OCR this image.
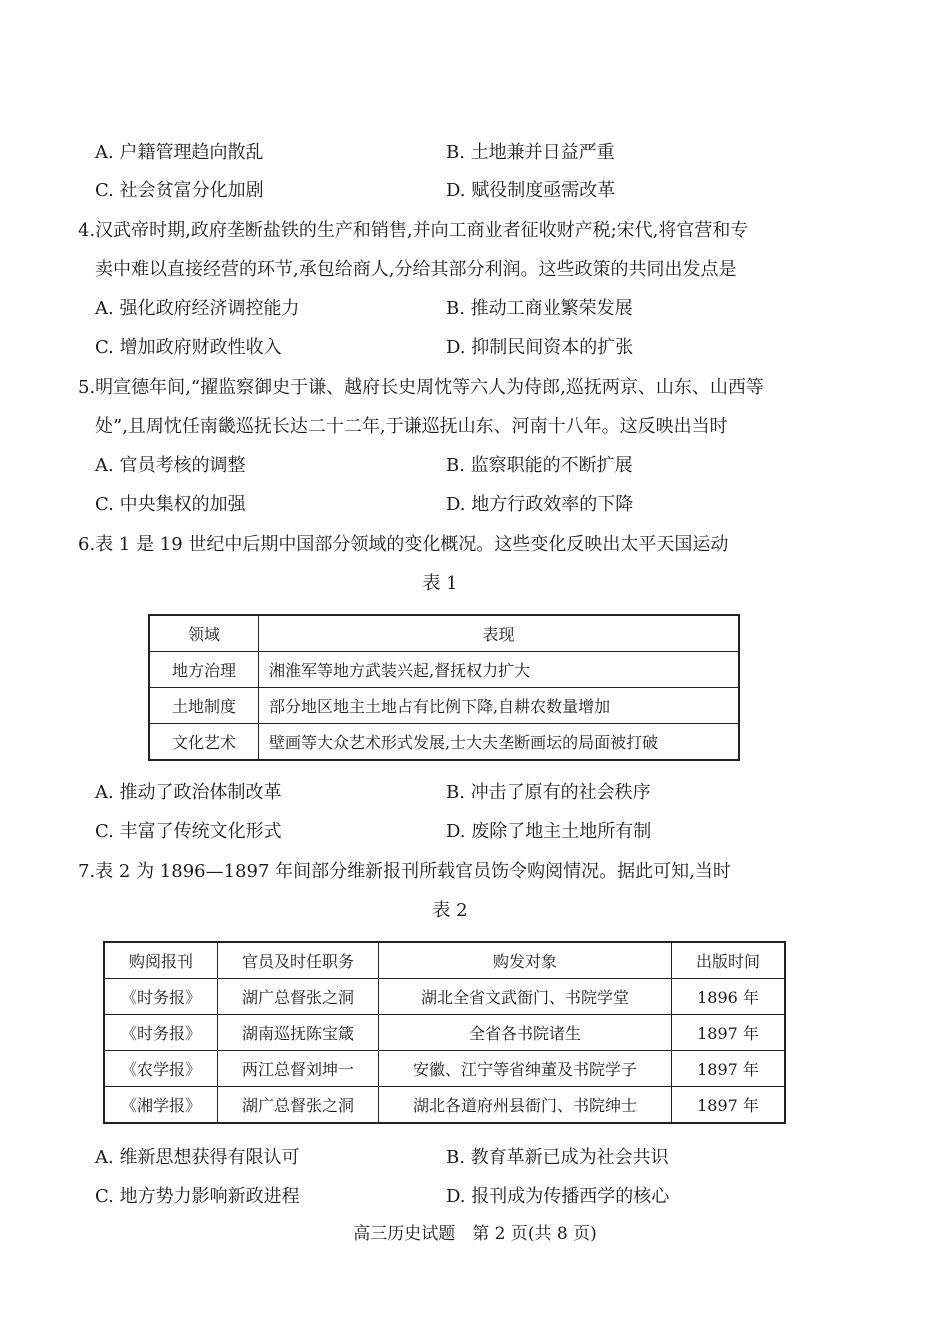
A. 户籍管理趋向散乱	B. 土地兼并日益严重
C. 社会贫富分化加剧	D. 赋役制度亟需改革
4.汉武帝时期,政府垄断盐铁的生产和销售,并向工商业者征收财产税;宋代,将官营和专
卖中难以直接经营的环节,承包给商人,分给其部分利润。这些政策的共同出发点是
A. 强化政府经济调控能力	B. 推动工商业繁荣发展
C. 增加政府财政性收入	D. 抑制民间资本的扩张
5.明宣德年间,“擢监察御史于谦、越府长史周忱等六人为侍郎,巡抚两京、山东、山西等
处”,且周忱任南畿巡抚长达二十二年,于谦巡抚山东、河南十八年。这反映出当时
A. 官员考核的调整	B. 监察职能的不断扩展
C. 中央集权的加强	D. 地方行政效率的下降
6.表 1 是 19 世纪中后期中国部分领域的变化概况。这些变化反映出太平天国运动
表 1
领域	表现
地方治理	湘淮军等地方武装兴起,督抚权力扩大
土地制度	部分地区地主土地占有比例下降,自耕农数量增加
文化艺术	壁画等大众艺术形式发展,士大夫垄断画坛的局面被打破
A. 推动了政治体制改革	B. 冲击了原有的社会秩序
C. 丰富了传统文化形式	D. 废除了地主土地所有制
7.表 2 为 1896—1897 年间部分维新报刊所载官员饬令购阅情况。据此可知,当时
表 2
购阅报刊	官员及时任职务	购发对象	出版时间
《时务报》	湖广总督张之洞	湖北全省文武衙门、书院学堂	1896 年
《时务报》	湖南巡抚陈宝箴	全省各书院诸生	1897 年
《农学报》	两江总督刘坤一	安徽、江宁等省绅董及书院学子	1897 年
《湘学报》	湖广总督张之洞	湖北各道府州县衙门、书院绅士	1897 年
A. 维新思想获得有限认可	B. 教育革新已成为社会共识
C. 地方势力影响新政进程	D. 报刊成为传播西学的核心
高三历史试题　第 2 页(共 8 页)
